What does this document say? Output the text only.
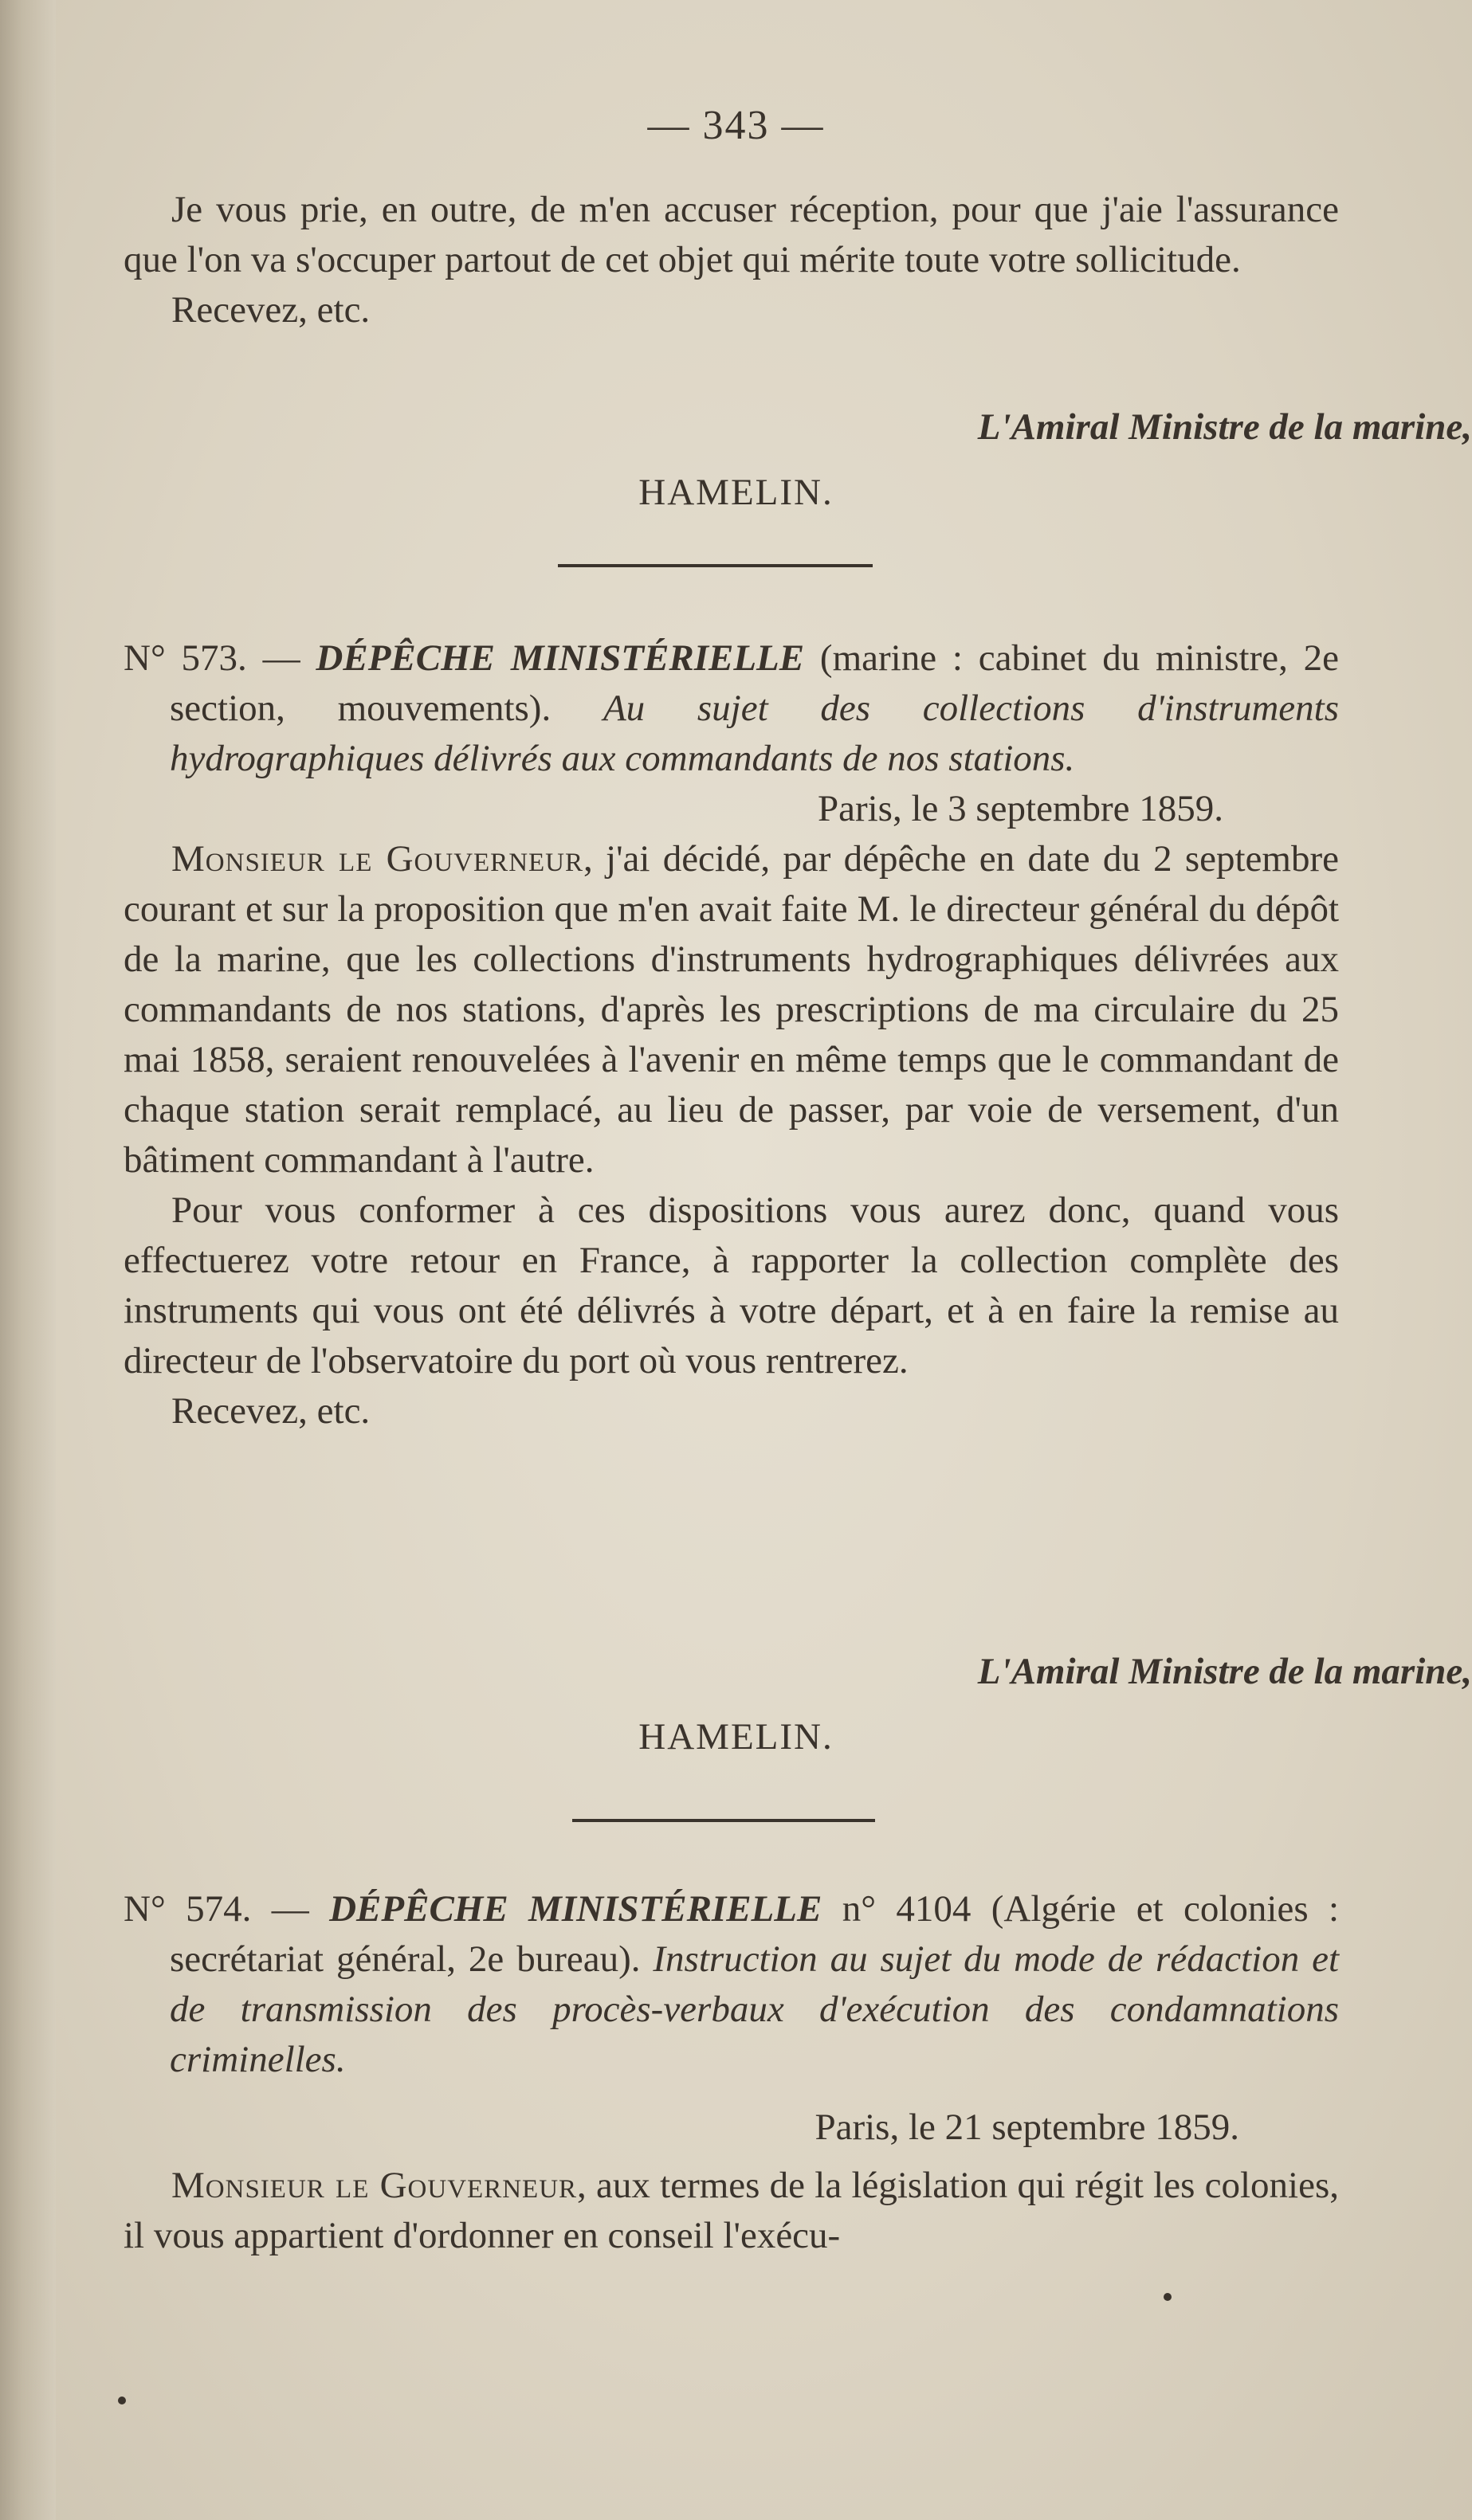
— 343 —

Je vous prie, en outre, de m'en accuser réception, pour que j'aie l'assurance que l'on va s'occuper partout de cet objet qui mérite toute votre sollicitude.

Recevez, etc.

L'Amiral Ministre de la marine,
HAMELIN.

N° 573. — DÉPÊCHE MINISTÉRIELLE (marine : cabinet du ministre, 2e section, mouvements). Au sujet des collections d'instruments hydrographiques délivrés aux commandants de nos stations.

Paris, le 3 septembre 1859.

Monsieur le Gouverneur, j'ai décidé, par dépêche en date du 2 septembre courant et sur la proposition que m'en avait faite M. le directeur général du dépôt de la marine, que les collections d'instruments hydrographiques délivrées aux commandants de nos stations, d'après les prescriptions de ma circulaire du 25 mai 1858, seraient renouvelées à l'avenir en même temps que le commandant de chaque station serait remplacé, au lieu de passer, par voie de versement, d'un bâtiment commandant à l'autre.

Pour vous conformer à ces dispositions vous aurez donc, quand vous effectuerez votre retour en France, à rapporter la collection complète des instruments qui vous ont été délivrés à votre départ, et à en faire la remise au directeur de l'observatoire du port où vous rentrerez.

Recevez, etc.

L'Amiral Ministre de la marine,
HAMELIN.

N° 574. — DÉPÊCHE MINISTÉRIELLE n° 4104 (Algérie et colonies : secrétariat général, 2e bureau). Instruction au sujet du mode de rédaction et de transmission des procès-verbaux d'exécution des condamnations criminelles.

Paris, le 21 septembre 1859.

Monsieur le Gouverneur, aux termes de la législation qui régit les colonies, il vous appartient d'ordonner en conseil l'exécu-
